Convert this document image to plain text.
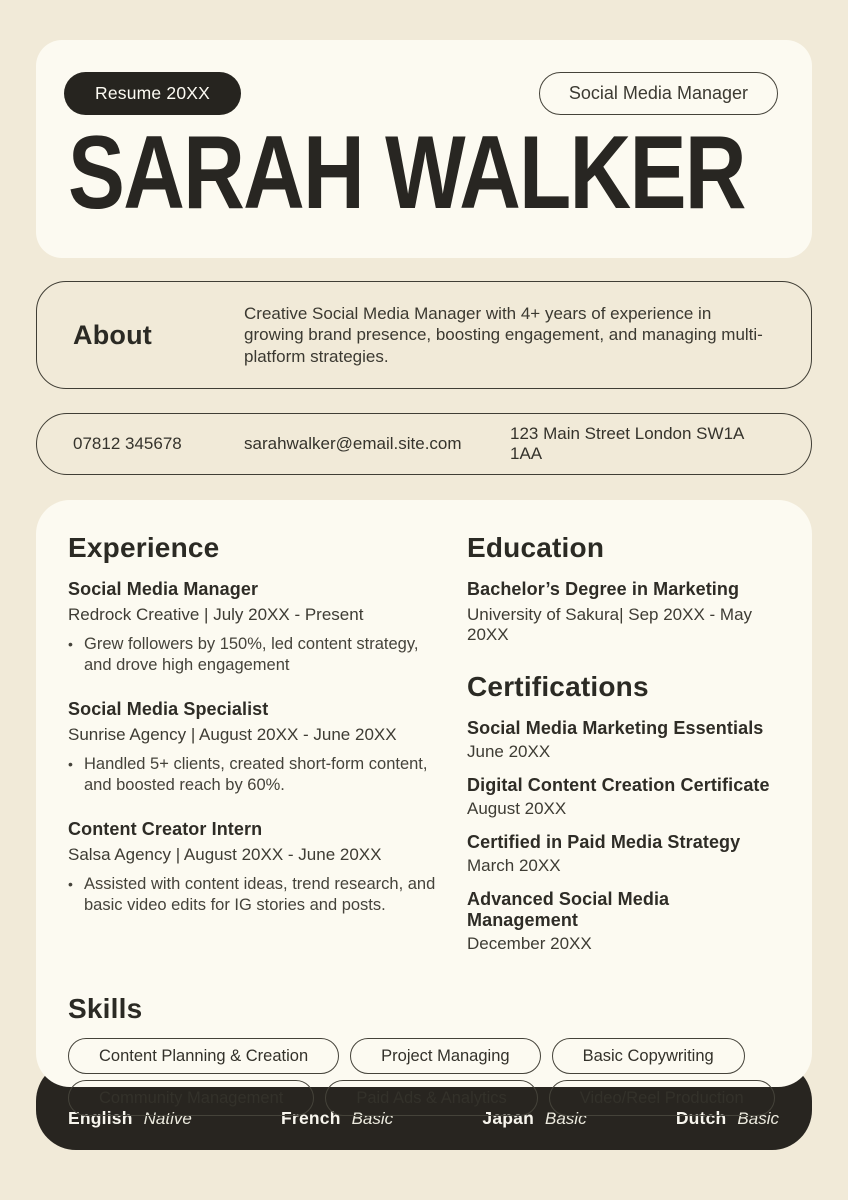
Resume 20XX	Social Media Manager
SARAH WALKER
About
Creative Social Media Manager with 4+ years of experience in growing brand presence, boosting engagement, and managing multi-platform strategies.
07812 345678	sarahwalker@email.site.com
123 Main Street London SW1A 1AA
Experience
Social Media Manager
Redrock Creative | July 20XX - Present
• Grew followers by 150%, led content strategy, and drove high engagement
Social Media Specialist
Sunrise Agency | August 20XX - June 20XX
• Handled 5+ clients, created short-form content, and boosted reach by 60%.
Content Creator Intern
Salsa Agency | August 20XX - June 20XX
• Assisted with content ideas, trend research, and basic video edits for IG stories and posts.
Education
Bachelor’s Degree in Marketing
University of Sakura| Sep 20XX - May 20XX
Certifications
Social Media Marketing Essentials
June 20XX
Digital Content Creation Certificate
August 20XX
Certified in Paid Media Strategy
March 20XX
Advanced Social Media Management
December 20XX
Skills
Content Planning & Creation	Project Managing	Basic Copywriting
Community Management	Paid Ads & Analytics	Video/Reel Production
English Native	French Basic	Japan Basic	Dutch Basic
